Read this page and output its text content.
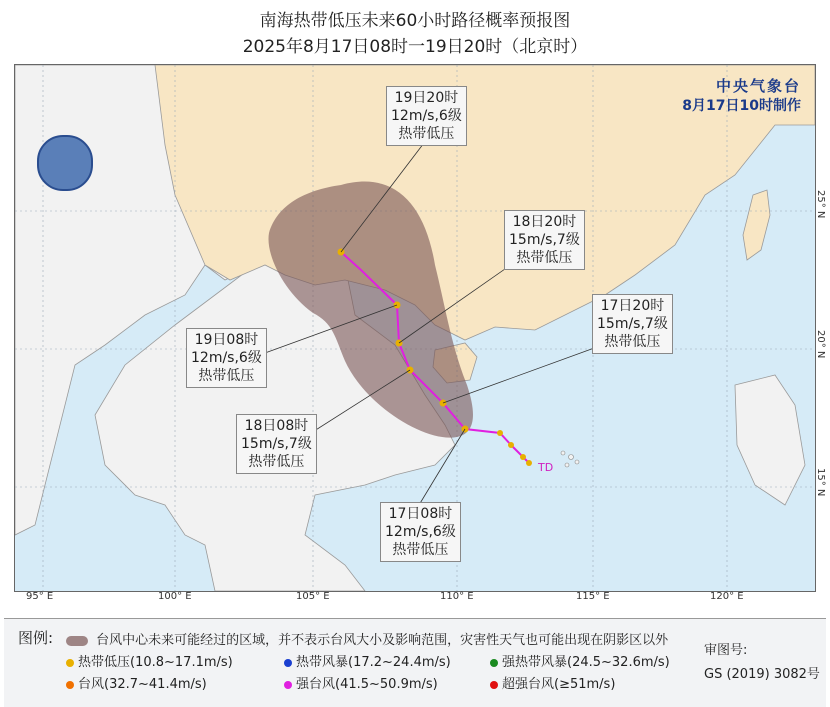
南海热带低压未来60小时路径概率预报图
2025年8月17日08时一19日20时（北京时）
中央气象台
8月17日10时制作
19日20时
12m/s,6级
热带低压
18日20时
15m/s,7级
热带低压
17日20时
15m/s,7级
热带低压
19日08时
12m/s,6级
热带低压
18日08时
15m/s,7级
热带低压
17日08时
12m/s,6级
热带低压
TD
95° E	100° E	105° E	110° E	115° E	120° E
25° N
20° N
15° N
图例:	台风中心未来可能经过的区域，并不表示台风大小及影响范围，灾害性天气也可能出现在阴影区以外
热带低压(10.8~17.1m/s)	热带风暴(17.2~24.4m/s)	强热带风暴(24.5~32.6m/s)
台风(32.7~41.4m/s)	强台风(41.5~50.9m/s)	超强台风(≥51m/s)
审图号:
GS (2019) 3082号
